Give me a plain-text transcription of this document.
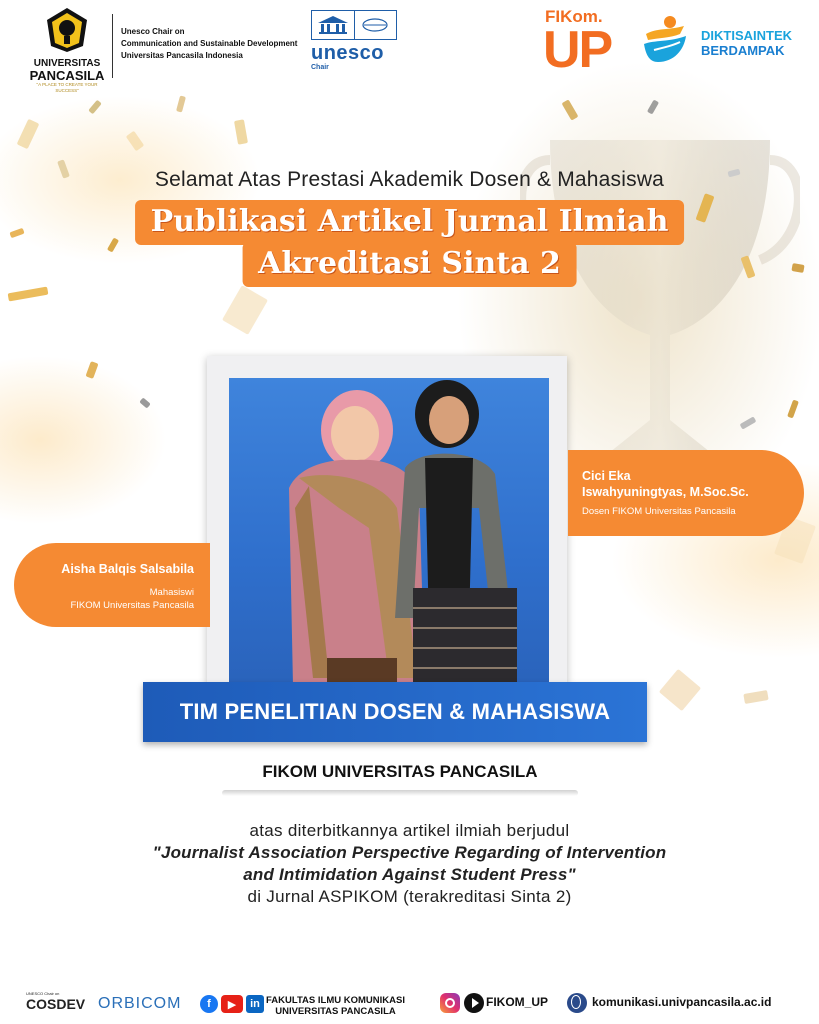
UNIVERSITAS
PANCASILA
"A PLACE TO CREATE YOUR SUCCESS"
Unesco Chair on
Communication and Sustainable Development
Universitas Pancasila Indonesia	unesco
Chair
FIKom.
UP	DIKTISAINTEK
BERDAMPAK
Selamat Atas Prestasi Akademik Dosen & Mahasiswa
Publikasi Artikel Jurnal Ilmiah
Akreditasi Sinta 2
Cici Eka
Iswahyuningtyas, M.Soc.Sc.
Dosen FIKOM Universitas Pancasila
Aisha Balqis Salsabila
Mahasiswi
FIKOM Universitas Pancasila
TIM PENELITIAN DOSEN & MAHASISWA
FIKOM UNIVERSITAS PANCASILA
atas diterbitkannya artikel ilmiah berjudul
"Journalist Association Perspective Regarding of Intervention
and Intimidation Against Student Press"
di Jurnal ASPIKOM (terakreditasi Sinta 2)
UNESCO Chair on
COSDEV ORBICOM	f	▶	in FAKULTAS ILMU KOMUNIKASI
UNIVERSITAS PANCASILA
FIKOM_UP	komunikasi.univpancasila.ac.id
